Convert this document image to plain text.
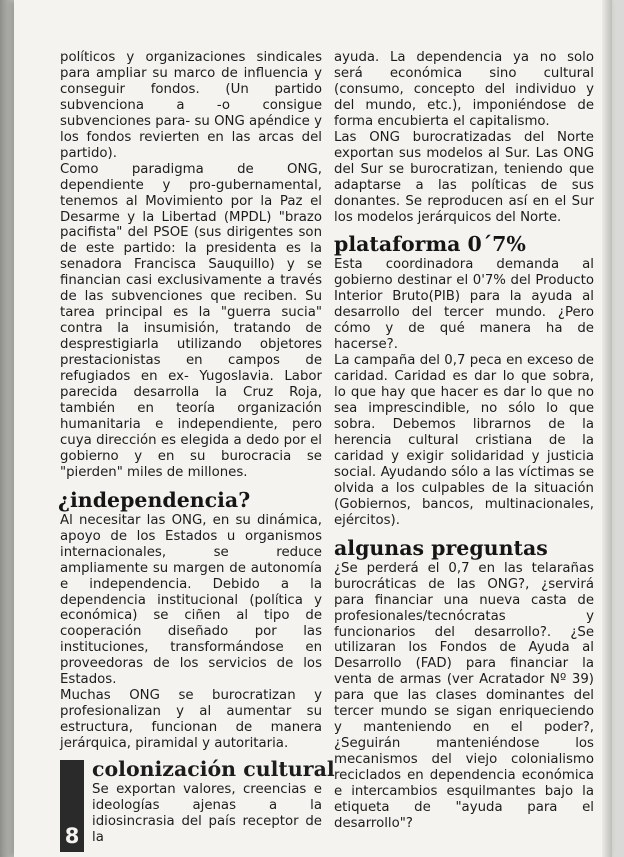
políticos y organizaciones sindicales para ampliar su marco de influencia y conseguir fondos. (Un partido subvenciona a -o consigue subvenciones para- su ONG apéndice y los fondos revierten en las arcas del partido).

Como paradigma de ONG, dependiente y pro-gubernamental, tenemos al Movimiento por la Paz el Desarme y la Libertad (MPDL) "brazo pacifista" del PSOE (sus dirigentes son de este partido: la presidenta es la senadora Francisca Sauquillo) y se financian casi exclusivamente a través de las subvenciones que reciben. Su tarea principal es la "guerra sucia" contra la insumisión, tratando de desprestigiarla utilizando objetores prestacionistas en campos de refugiados en ex- Yugoslavia. Labor parecida desarrolla la Cruz Roja, también en teoría organización humanitaria e independiente, pero cuya dirección es elegida a dedo por el gobierno y en su burocracia se "pierden" miles de millones.

¿independencia?

Al necesitar las ONG, en su dinámica, apoyo de los Estados u organismos internacionales, se reduce ampliamente su margen de autonomía e independencia. Debido a la dependencia institucional (política y económica) se ciñen al tipo de cooperación diseñado por las instituciones, transformándose en proveedoras de los servicios de los Estados.

Muchas ONG se burocratizan y profesionalizan y al aumentar su estructura, funcionan de manera jerárquica, piramidal y autoritaria.

8
colonización cultural
Se exportan valores, creencias e ideologías ajenas a la idiosincrasia del país receptor de la

ayuda. La dependencia ya no solo será económica sino cultural (consumo, concepto del individuo y del mundo, etc.), imponiéndose de forma encubierta el capitalismo.

Las ONG burocratizadas del Norte exportan sus modelos al Sur. Las ONG del Sur se burocratizan, teniendo que adaptarse a las políticas de sus donantes. Se reproducen así en el Sur los modelos jerárquicos del Norte.

plataforma 0´7%

Esta coordinadora demanda al gobierno destinar el 0'7% del Producto Interior Bruto(PIB) para la ayuda al desarrollo del tercer mundo. ¿Pero cómo y de qué manera ha de hacerse?.

La campaña del 0,7 peca en exceso de caridad. Caridad es dar lo que sobra, lo que hay que hacer es dar lo que no sea imprescindible, no sólo lo que sobra. Debemos librarnos de la herencia cultural cristiana de la caridad y exigir solidaridad y justicia social. Ayudando sólo a las víctimas se olvida a los culpables de la situación (Gobiernos, bancos, multinacionales, ejércitos).

algunas preguntas

¿Se perderá el 0,7 en las telarañas burocráticas de las ONG?, ¿servirá para financiar una nueva casta de profesionales/tecnócratas y funcionarios del desarrollo?. ¿Se utilizaran los Fondos de Ayuda al Desarrollo (FAD) para financiar la venta de armas (ver Acratador Nº 39) para que las clases dominantes del tercer mundo se sigan enriqueciendo y manteniendo en el poder?, ¿Seguirán manteniéndose los mecanismos del viejo colonialismo reciclados en dependencia económica e intercambios esquilmantes bajo la etiqueta de "ayuda para el desarrollo"?
